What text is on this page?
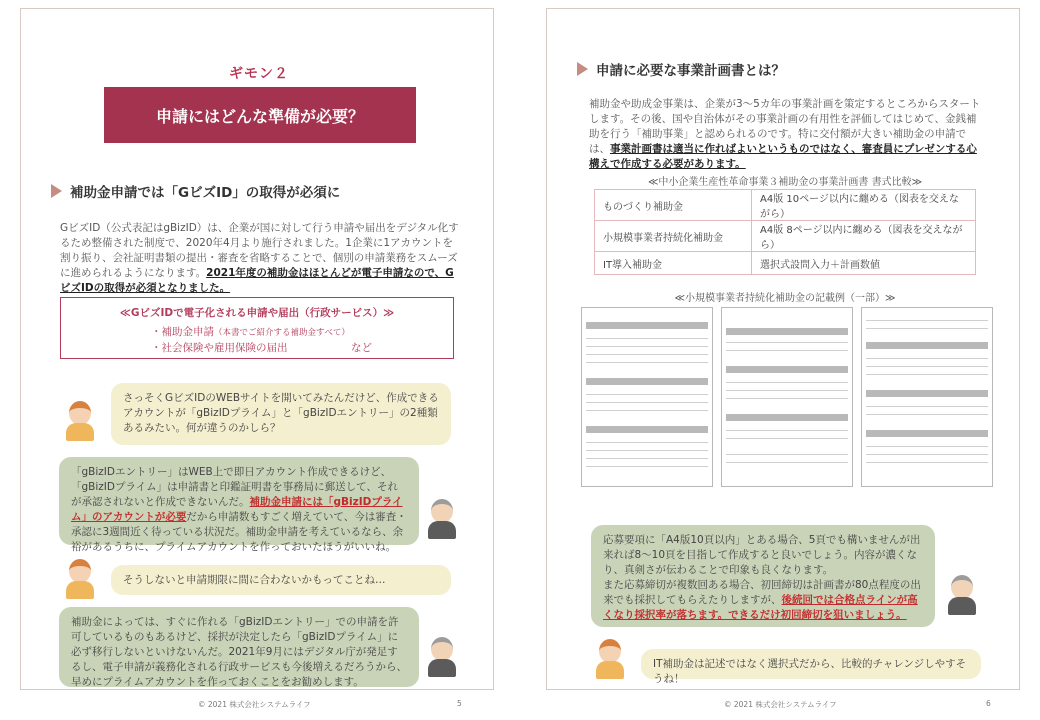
ギモン２
申請にはどんな準備が必要？
補助金申請では「GビズID」の取得が必須に
GビズID（公式表記はgBizID）は、企業が国に対して行う申請や届出をデジタル化するため整備された制度で、2020年4月より施行されました。1企業に1アカウントを割り振り、会社証明書類の提出・審査を省略することで、個別の申請業務をスムーズに進められるようになります。2021年度の補助金はほとんどが電子申請なので、GビズIDの取得が必須となりました。
≪GビズIDで電子化される申請や届出（行政サービス）≫
・補助金申請（本書でご紹介する補助金すべて）
・社会保険や雇用保険の届出	など
さっそくGビズIDのWEBサイトを開いてみたんだけど、作成できるアカウントが「gBizIDプライム」と「gBizIDエントリー」の2種類あるみたい。何が違うのかしら？
「gBizIDエントリー」はWEB上で即日アカウント作成できるけど、「gBizIDプライム」は申請書と印鑑証明書を事務局に郵送して、それが承認されないと作成できないんだ。補助金申請には「gBizIDプライム」のアカウントが必要だから申請数もすごく増えていて、今は審査・承認に3週間近く待っている状況だ。補助金申請を考えているなら、余裕があるうちに、プライムアカウントを作っておいたほうがいいね。
そうしないと申請期限に間に合わないかもってことね…
補助金によっては、すぐに作れる「gBizIDエントリー」での申請を許可しているものもあるけど、採択が決定したら「gBizIDプライム」に必ず移行しないといけないんだ。2021年9月にはデジタル庁が発足するし、電子申請が義務化される行政サービスも今後増えるだろうから、早めにプライムアカウントを作っておくことをお勧めします。
申請に必要な事業計画書とは？
補助金や助成金事業は、企業が3～5カ年の事業計画を策定するところからスタートします。その後、国や自治体がその事業計画の有用性を評価してはじめて、金銭補助を行う「補助事業」と認められるのです。特に交付額が大きい補助金の申請では、事業計画書は適当に作ればよいというものではなく、審査員にプレゼンする心構えで作成する必要があります。
≪中小企業生産性革命事業３補助金の事業計画書 書式比較≫
ものづくり補助金	A4版 10ページ以内に纏める（図表を交えながら）
小規模事業者持続化補助金	A4版 8ページ以内に纏める（図表を交えながら）
IT導入補助金	選択式設問入力＋計画数値
≪小規模事業者持続化補助金の記載例（一部）≫
応募要項に「A4版10頁以内」とある場合、5頁でも構いませんが出来れば8～10頁を目指して作成すると良いでしょう。内容が濃くなり、真剣さが伝わることで印象も良くなります。
また応募締切が複数回ある場合、初回締切は計画書が80点程度の出来でも採択してもらえたりしますが、後続回では合格点ラインが高くなり採択率が落ちます。できるだけ初回締切を狙いましょう。
IT補助金は記述ではなく選択式だから、比較的チャレンジしやすそうね！
© 2021 株式会社システムライフ	5	© 2021 株式会社システムライフ	6
